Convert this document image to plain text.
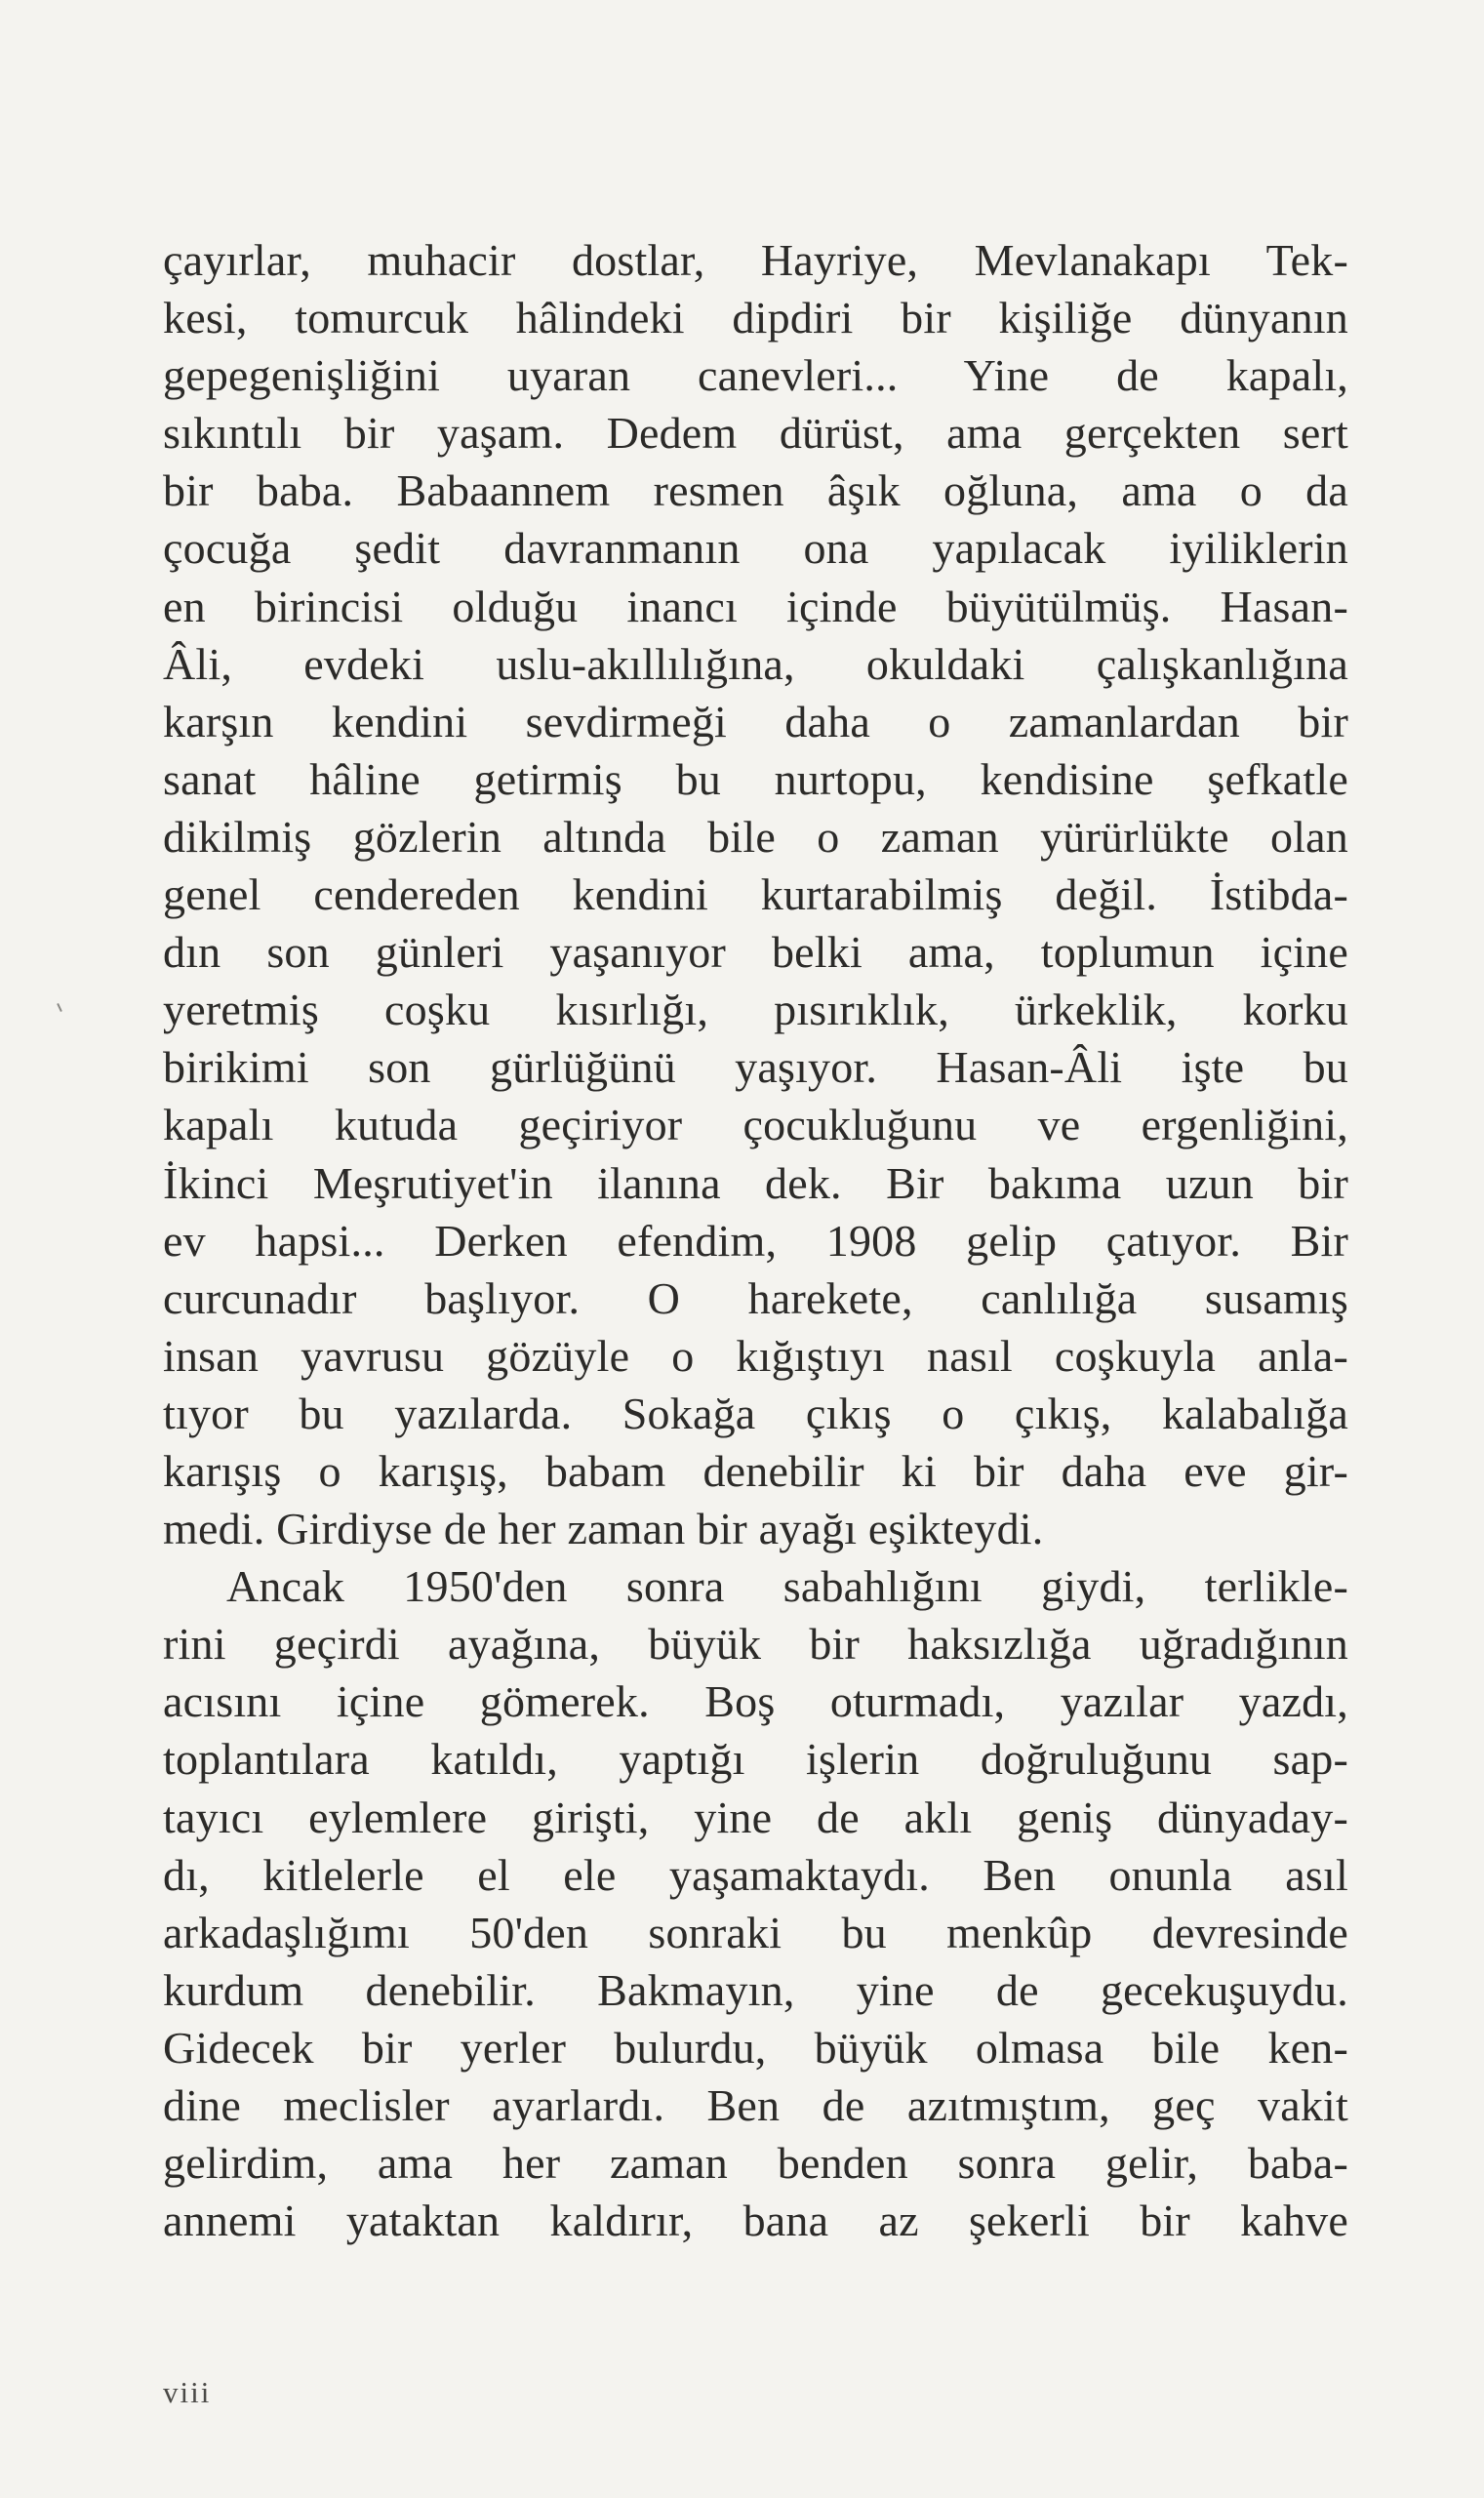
çayırlar, muhacir dostlar, Hayriye, Mevlanakapı Tek-
kesi, tomurcuk hâlindeki dipdiri bir kişiliğe dünyanın
gepegenişliğini uyaran canevleri... Yine de kapalı,
sıkıntılı bir yaşam. Dedem dürüst, ama gerçekten sert
bir baba. Babaannem resmen âşık oğluna, ama o da
çocuğa şedit davranmanın ona yapılacak iyiliklerin
en birincisi olduğu inancı içinde büyütülmüş. Hasan-
Âli, evdeki uslu-akıllılığına, okuldaki çalışkanlığına
karşın kendini sevdirmeği daha o zamanlardan bir
sanat hâline getirmiş bu nurtopu, kendisine şefkatle
dikilmiş gözlerin altında bile o zaman yürürlükte olan
genel cendereden kendini kurtarabilmiş değil. İstibda-
dın son günleri yaşanıyor belki ama, toplumun içine
yeretmiş coşku kısırlığı, pısırıklık, ürkeklik, korku
birikimi son gürlüğünü yaşıyor. Hasan-Âli işte bu
kapalı kutuda geçiriyor çocukluğunu ve ergenliğini,
İkinci Meşrutiyet'in ilanına dek. Bir bakıma uzun bir
ev hapsi... Derken efendim, 1908 gelip çatıyor. Bir
curcunadır başlıyor. O harekete, canlılığa susamış
insan yavrusu gözüyle o kığıştıyı nasıl coşkuyla anla-
tıyor bu yazılarda. Sokağa çıkış o çıkış, kalabalığa
karışış o karışış, babam denebilir ki bir daha eve gir-
medi. Girdiyse de her zaman bir ayağı eşikteydi.
Ancak 1950'den sonra sabahlığını giydi, terlikle-
rini geçirdi ayağına, büyük bir haksızlığa uğradığının
acısını içine gömerek. Boş oturmadı, yazılar yazdı,
toplantılara katıldı, yaptığı işlerin doğruluğunu sap-
tayıcı eylemlere girişti, yine de aklı geniş dünyaday-
dı, kitlelerle el ele yaşamaktaydı. Ben onunla asıl
arkadaşlığımı 50'den sonraki bu menkûp devresinde
kurdum denebilir. Bakmayın, yine de gecekuşuydu.
Gidecek bir yerler bulurdu, büyük olmasa bile ken-
dine meclisler ayarlardı. Ben de azıtmıştım, geç vakit
gelirdim, ama her zaman benden sonra gelir, baba-
annemi yataktan kaldırır, bana az şekerli bir kahve
viii
